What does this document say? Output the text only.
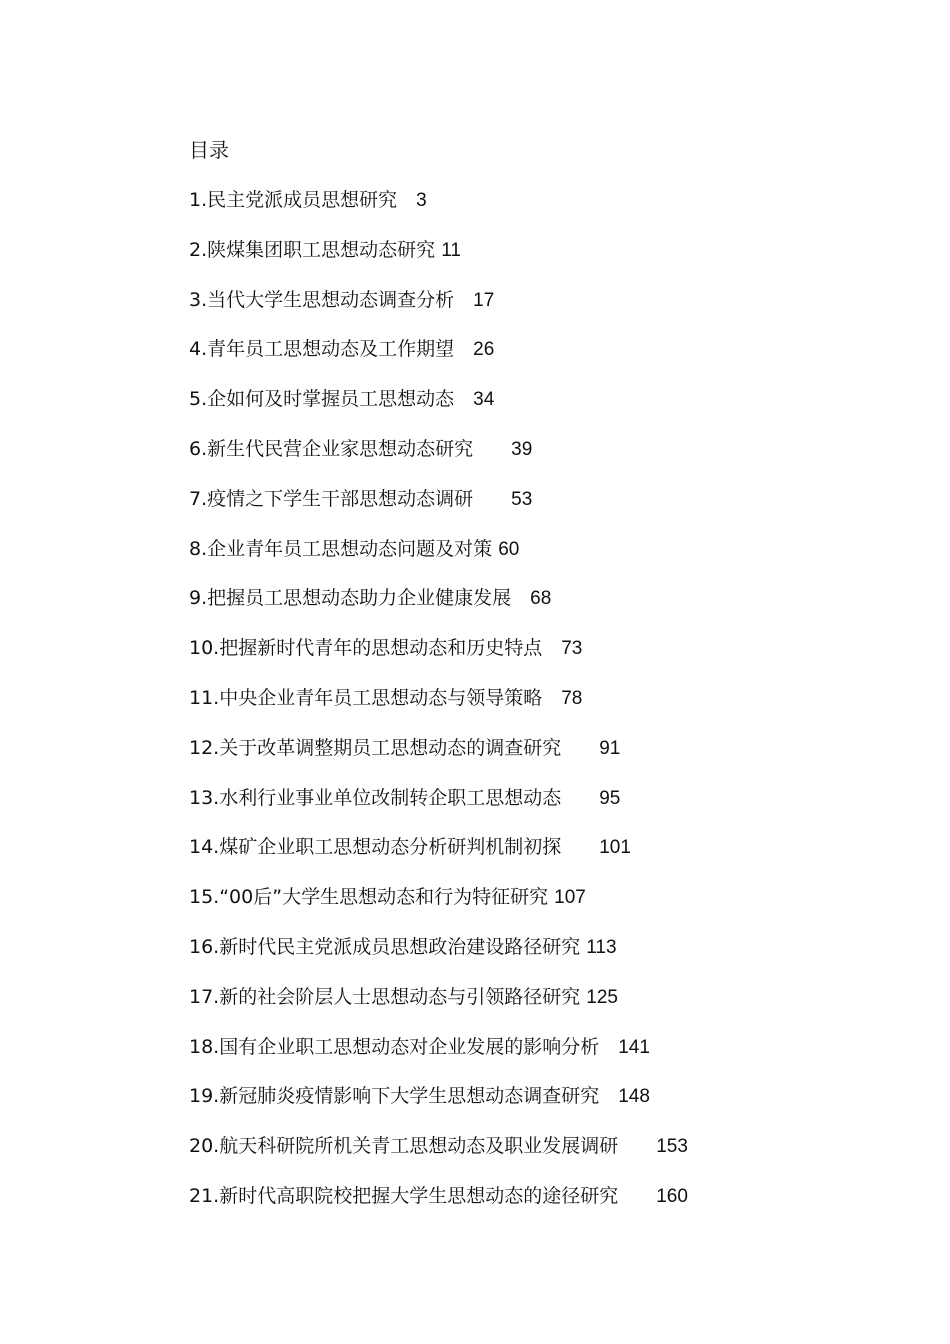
目录
1.民主党派成员思想研究  3
2.陕煤集团职工思想动态研究 11
3.当代大学生思想动态调查分析  17
4.青年员工思想动态及工作期望  26
5.企如何及时掌握员工思想动态  34
6.新生代民营企业家思想动态研究   39
7.疫情之下学生干部思想动态调研   53
8.企业青年员工思想动态问题及对策 60
9.把握员工思想动态助力企业健康发展  68
10.把握新时代青年的思想动态和历史特点  73
11.中央企业青年员工思想动态与领导策略  78
12.关于改革调整期员工思想动态的调查研究   91
13.水利行业事业单位改制转企职工思想动态   95
14.煤矿企业职工思想动态分析研判机制初探   101
15.“00后”大学生思想动态和行为特征研究 107
16.新时代民主党派成员思想政治建设路径研究 113
17.新的社会阶层人士思想动态与引领路径研究 125
18.国有企业职工思想动态对企业发展的影响分析  141
19.新冠肺炎疫情影响下大学生思想动态调查研究  148
20.航天科研院所机关青工思想动态及职业发展调研   153
21.新时代高职院校把握大学生思想动态的途径研究   160
